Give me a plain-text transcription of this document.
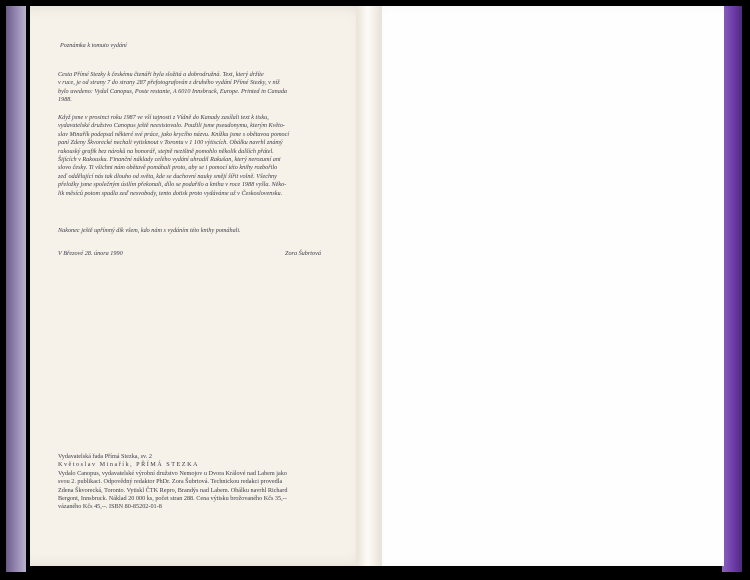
Poznámka k tomuto vydání
Cesta Přímé Stezky k českému čtenáři byla složitá a dobrodružná. Text, který držíte
v ruce, je od strany 7 do strany 287 přefotografován z druhého vydání Přímé Stezky, v níž
bylo uvedeno: Vydal Canopus, Poste restante, A 6010 Innsbruck, Europe. Printed in Canada
1988.
Když jsme v prosinci roku 1987 ve vší tajnosti z Vídně do Kanady zasílali text k tisku,
vydavatelské družstvo Canopus ještě neexistovalo. Použili jsme pseudonymu, kterým Květo-
slav Minařík podepsal některé své práce, jako krycího názvu. Knížku jsme s obětavou pomocí
paní Zdeny Škvorecké nechali vytisknout v Torontu v 1 100 výtiscích. Obálku navrhl známý
rakouský grafik bez nároků na honorář, stejně nezištně pomohlo několik dalších přátel.
Šijících v Rakousku. Finanční náklady celého vydání uhradil Rakušan, který nerozumí ani
slovo česky. Ti všichni nám obětavě pomáhali proto, aby se i pomocí této knihy rozbořilo
zeď oddělující nás tak dlouho od světa, kde se duchovní nauky smějí šířit volně. Všechny
přeložky jsme společným úsilím překonali, dílo se podařilo a kniha v roce 1988 vyšla. Něko-
lik měsíců potom spadla zeď nesvobody, tento dotisk proto vydáváme už v Československu.
Nakonec ještě upřímný dík všem, kdo nám s vydáním této knihy pomáhali.
V Březové 28. února 1990	Zora Šubrtová
Vydavatelská řada Přímá Stezka, sv. 2
Květoslav Minařík, PŘÍMÁ STEZKA
Vydalo Canopus, vydavatelské výrobní družstvo Nemojov u Dvora Králové nad Labem jako
svou 2. publikaci. Odpovědný redaktor PhDr. Zora Šubrtová. Technickou redakci provedla
Zdena Škvorecká, Toronto. Vytiskl ČTK Repro, Brandýs nad Labem. Obálku navrhl Richard
Bergont, Innsbruck. Náklad 20 000 ks, počet stran 288. Cena výtisku brožovaného Kčs 35,--
vázaného Kčs 45,--. ISBN 80-85202-01-8
